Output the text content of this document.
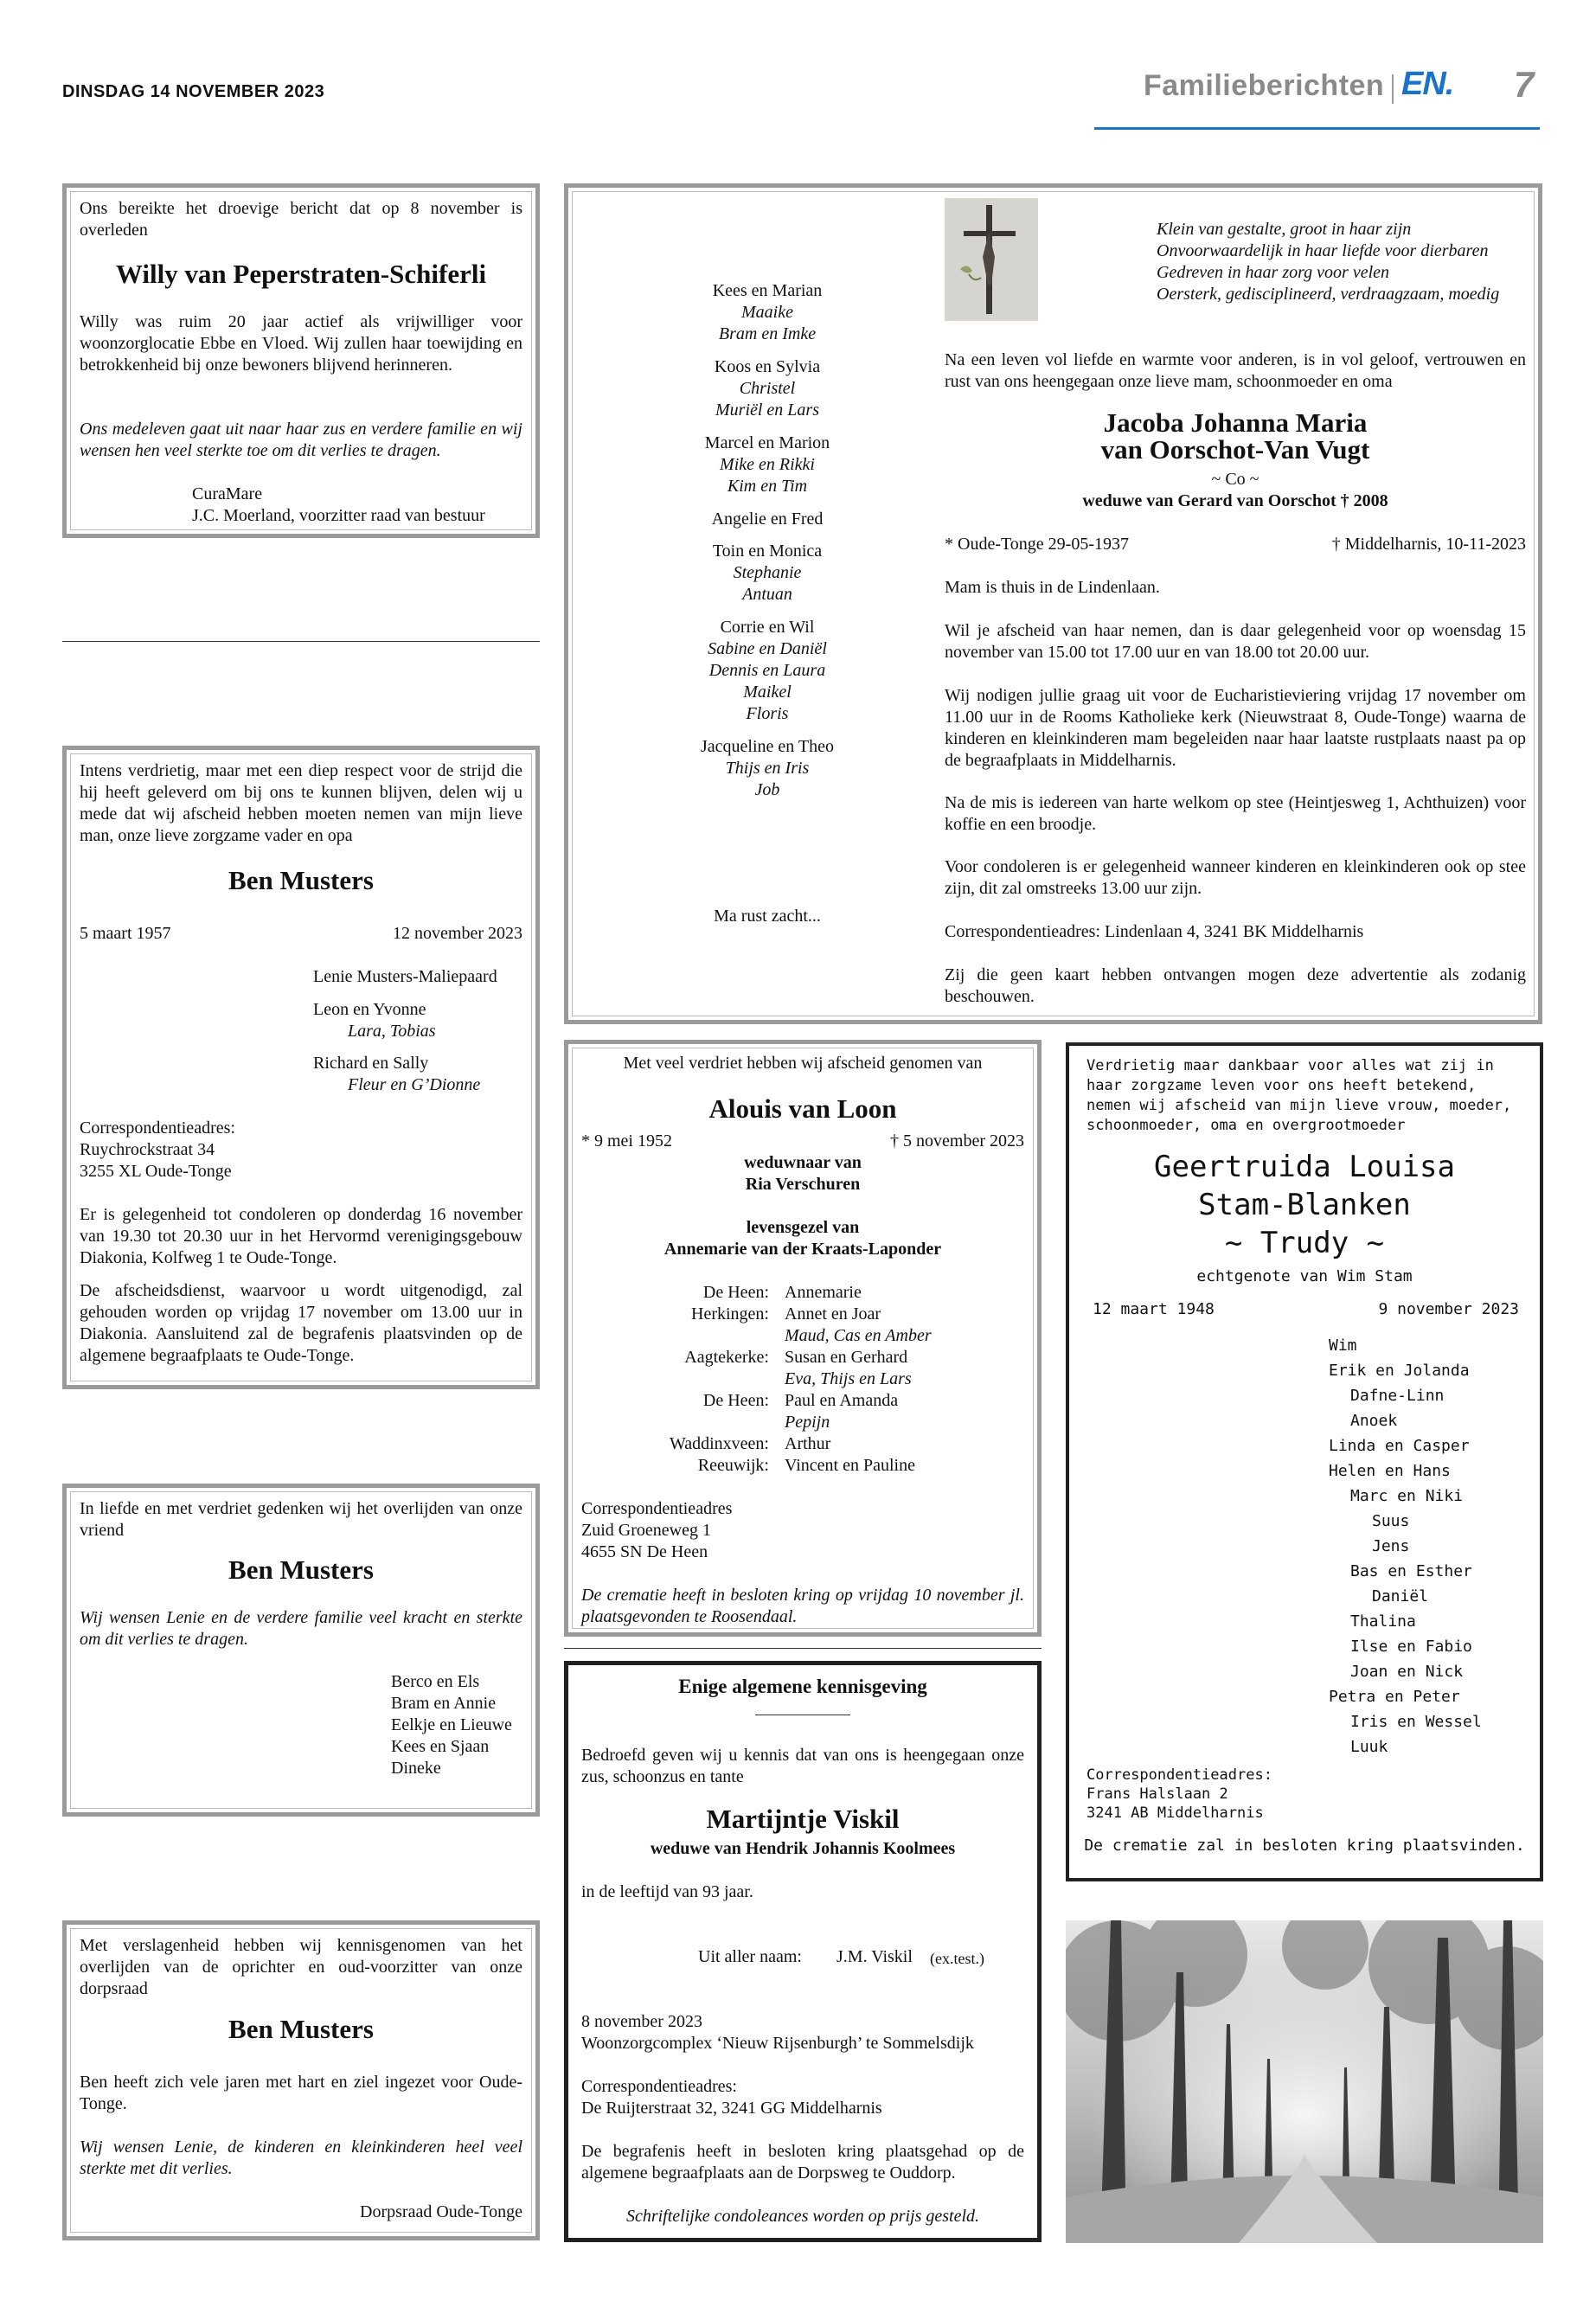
DINSDAG 14 NOVEMBER 2023	Familieberichten EN. 7
Ons bereikte het droevige bericht dat op 8 november is overleden
Willy van Peperstraten-Schiferli
Willy was ruim 20 jaar actief als vrijwilliger voor woonzorglocatie Ebbe en Vloed. Wij zullen haar toewijding en betrokkenheid bij onze bewoners blijvend herinneren.
Ons medeleven gaat uit naar haar zus en verdere familie en wij wensen hen veel sterkte toe om dit verlies te dragen.
CuraMare
J.C. Moerland, voorzitter raad van bestuur
Intens verdrietig, maar met een diep respect voor de strijd die hij heeft geleverd om bij ons te kunnen blijven, delen wij u mede dat wij afscheid hebben moeten nemen van mijn lieve man, onze lieve zorgzame vader en opa
Ben Musters
5 maart 1957	12 november 2023
Lenie Musters-Maliepaard
Leon en Yvonne
Lara, Tobias
Richard en Sally
Fleur en G’Dionne
Correspondentieadres:
Ruychrockstraat 34
3255 XL Oude-Tonge
Er is gelegenheid tot condoleren op donderdag 16 november van 19.30 tot 20.30 uur in het Hervormd verenigingsgebouw Diakonia, Kolfweg 1 te Oude-Tonge.
De afscheidsdienst, waarvoor u wordt uitgenodigd, zal gehouden worden op vrijdag 17 november om 13.00 uur in Diakonia. Aansluitend zal de begrafenis plaatsvinden op de algemene begraafplaats te Oude-Tonge.
In liefde en met verdriet gedenken wij het overlijden van onze vriend
Ben Musters
Wij wensen Lenie en de verdere familie veel kracht en sterkte om dit verlies te dragen.
Berco en Els
Bram en Annie
Eelkje en Lieuwe
Kees en Sjaan
Dineke
Met verslagenheid hebben wij kennisgenomen van het overlijden van de oprichter en oud-voorzitter van onze dorpsraad
Ben Musters
Ben heeft zich vele jaren met hart en ziel ingezet voor Oude-Tonge.
Wij wensen Lenie, de kinderen en kleinkinderen heel veel sterkte met dit verlies.
Dorpsraad Oude-Tonge
Klein van gestalte, groot in haar zijn
Onvoorwaardelijk in haar liefde voor dierbaren
Gedreven in haar zorg voor velen
Oersterk, gedisciplineerd, verdraagzaam, moedig
Na een leven vol liefde en warmte voor anderen, is in vol geloof, vertrouwen en rust van ons heengegaan onze lieve mam, schoonmoeder en oma
Jacoba Johanna Maria
van Oorschot-Van Vugt
~ Co ~
weduwe van Gerard van Oorschot † 2008
* Oude-Tonge 29-05-1937	† Middelharnis, 10-11-2023
Mam is thuis in de Lindenlaan.
Wil je afscheid van haar nemen, dan is daar gelegenheid voor op woensdag 15 november van 15.00 tot 17.00 uur en van 18.00 tot 20.00 uur.
Wij nodigen jullie graag uit voor de Eucharistieviering vrijdag 17 november om 11.00 uur in de Rooms Katholieke kerk (Nieuwstraat 8, Oude-Tonge) waarna de kinderen en kleinkinderen mam begeleiden naar haar laatste rustplaats naast pa op de begraafplaats in Middelharnis.
Na de mis is iedereen van harte welkom op stee (Heintjesweg 1, Achthuizen) voor koffie en een broodje.
Voor condoleren is er gelegenheid wanneer kinderen en kleinkinderen ook op stee zijn, dit zal omstreeks 13.00 uur zijn.
Correspondentieadres: Lindenlaan 4, 3241 BK Middelharnis
Zij die geen kaart hebben ontvangen mogen deze advertentie als zodanig beschouwen.
Kees en Marian
Maaike
Bram en Imke
Koos en Sylvia
Christel
Muriël en Lars
Marcel en Marion
Mike en Rikki
Kim en Tim
Angelie en Fred
Toin en Monica
Stephanie
Antuan
Corrie en Wil
Sabine en Daniël
Dennis en Laura
Maikel
Floris
Jacqueline en Theo
Thijs en Iris
Job
Ma rust zacht...
Met veel verdriet hebben wij afscheid genomen van
Alouis van Loon
* 9 mei 1952	† 5 november 2023
weduwnaar van
Ria Verschuren
levensgezel van
Annemarie van der Kraats-Laponder
De Heen: Annemarie
Herkingen: Annet en Joar
Maud, Cas en Amber
Aagtekerke: Susan en Gerhard
Eva, Thijs en Lars
De Heen: Paul en Amanda
Pepijn
Waddinxveen: Arthur
Reeuwijk: Vincent en Pauline
Correspondentieadres
Zuid Groeneweg 1
4655 SN De Heen
De crematie heeft in besloten kring op vrijdag 10 november jl. plaatsgevonden te Roosendaal.
Verdrietig maar dankbaar voor alles wat zij in haar zorgzame leven voor ons heeft betekend, nemen wij afscheid van mijn lieve vrouw, moeder, schoonmoeder, oma en overgrootmoeder
Geertruida Louisa
Stam-Blanken
~ Trudy ~
echtgenote van Wim Stam
12 maart 1948	9 november 2023
Wim
Erik en Jolanda
Dafne-Linn
Anoek
Linda en Casper
Helen en Hans
Marc en Niki
Suus
Jens
Bas en Esther
Daniël
Thalina
Ilse en Fabio
Joan en Nick
Petra en Peter
Iris en Wessel
Luuk
Correspondentieadres:
Frans Halslaan 2
3241 AB Middelharnis
De crematie zal in besloten kring plaatsvinden.
Enige algemene kennisgeving
Bedroefd geven wij u kennis dat van ons is heengegaan onze zus, schoonzus en tante
Martijntje Viskil
weduwe van Hendrik Johannis Koolmees
in de leeftijd van 93 jaar.
Uit aller naam: J.M. Viskil (ex.test.)
8 november 2023
Woonzorgcomplex ‘Nieuw Rijsenburgh’ te Sommelsdijk
Correspondentieadres:
De Ruijterstraat 32, 3241 GG Middelharnis
De begrafenis heeft in besloten kring plaatsgehad op de algemene begraafplaats aan de Dorpsweg te Ouddorp.
Schriftelijke condoleances worden op prijs gesteld.
